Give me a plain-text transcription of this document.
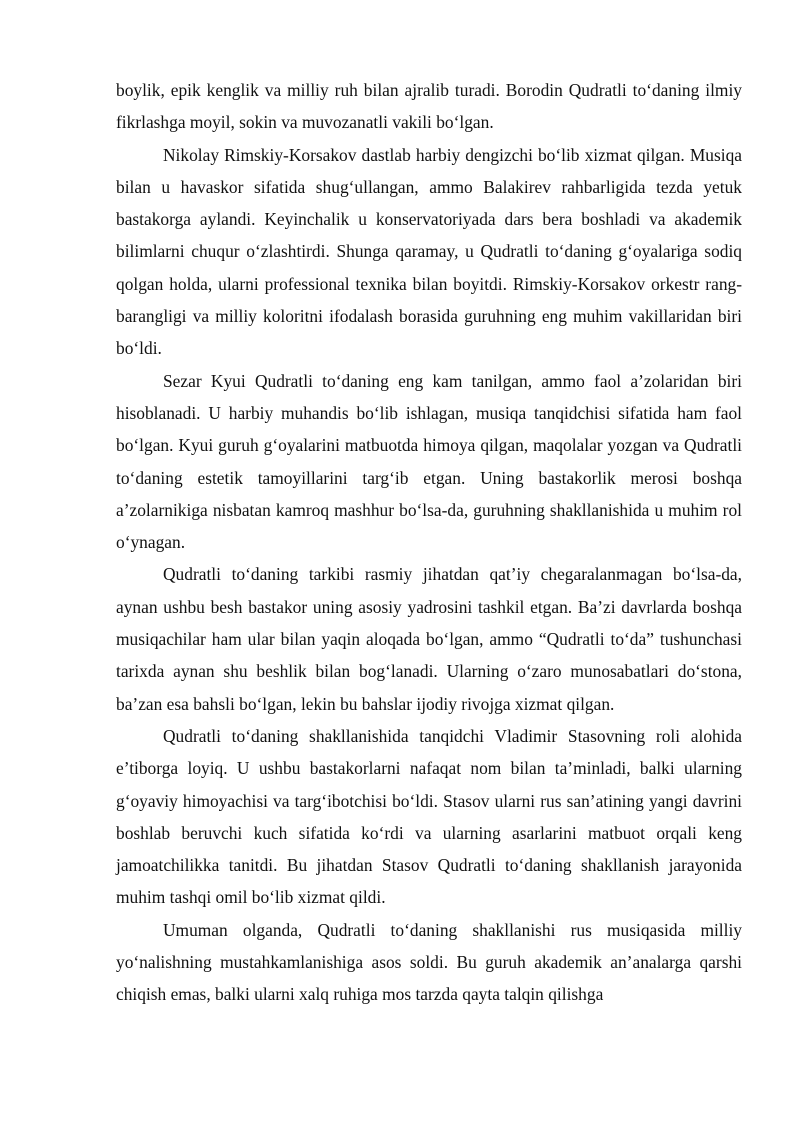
boylik, epik kenglik va milliy ruh bilan ajralib turadi. Borodin Qudratli to‘daning ilmiy fikrlashga moyil, sokin va muvozanatli vakili bo‘lgan.

Nikolay Rimskiy-Korsakov dastlab harbiy dengizchi bo‘lib xizmat qilgan. Musiqa bilan u havaskor sifatida shug‘ullangan, ammo Balakirev rahbarligida tezda yetuk bastakorga aylandi. Keyinchalik u konservatoriyada dars bera boshladi va akademik bilimlarni chuqur o‘zlashtirdi. Shunga qaramay, u Qudratli to‘daning g‘oyalariga sodiq qolgan holda, ularni professional texnika bilan boyitdi. Rimskiy-Korsakov orkestr rang-barangligi va milliy koloritni ifodalash borasida guruhning eng muhim vakillaridan biri bo‘ldi.

Sezar Kyui Qudratli to‘daning eng kam tanilgan, ammo faol a’zolaridan biri hisoblanadi. U harbiy muhandis bo‘lib ishlagan, musiqa tanqidchisi sifatida ham faol bo‘lgan. Kyui guruh g‘oyalarini matbuotda himoya qilgan, maqolalar yozgan va Qudratli to‘daning estetik tamoyillarini targ‘ib etgan. Uning bastakorlik merosi boshqa a’zolarnikiga nisbatan kamroq mashhur bo‘lsa-da, guruhning shakllanishida u muhim rol o‘ynagan.

Qudratli to‘daning tarkibi rasmiy jihatdan qat’iy chegaralanmagan bo‘lsa-da, aynan ushbu besh bastakor uning asosiy yadrosini tashkil etgan. Ba’zi davrlarda boshqa musiqachilar ham ular bilan yaqin aloqada bo‘lgan, ammo “Qudratli to‘da” tushunchasi tarixda aynan shu beshlik bilan bog‘lanadi. Ularning o‘zaro munosabatlari do‘stona, ba’zan esa bahsli bo‘lgan, lekin bu bahslar ijodiy rivojga xizmat qilgan.

Qudratli to‘daning shakllanishida tanqidchi Vladimir Stasovning roli alohida e’tiborga loyiq. U ushbu bastakorlarni nafaqat nom bilan ta’minladi, balki ularning g‘oyaviy himoyachisi va targ‘ibotchisi bo‘ldi. Stasov ularni rus san’atining yangi davrini boshlab beruvchi kuch sifatida ko‘rdi va ularning asarlarini matbuot orqali keng jamoatchilikka tanitdi. Bu jihatdan Stasov Qudratli to‘daning shakllanish jarayonida muhim tashqi omil bo‘lib xizmat qildi.

Umuman olganda, Qudratli to‘daning shakllanishi rus musiqasida milliy yo‘nalishning mustahkamlanishiga asos soldi. Bu guruh akademik an’analarga qarshi chiqish emas, balki ularni xalq ruhiga mos tarzda qayta talqin qilishga
